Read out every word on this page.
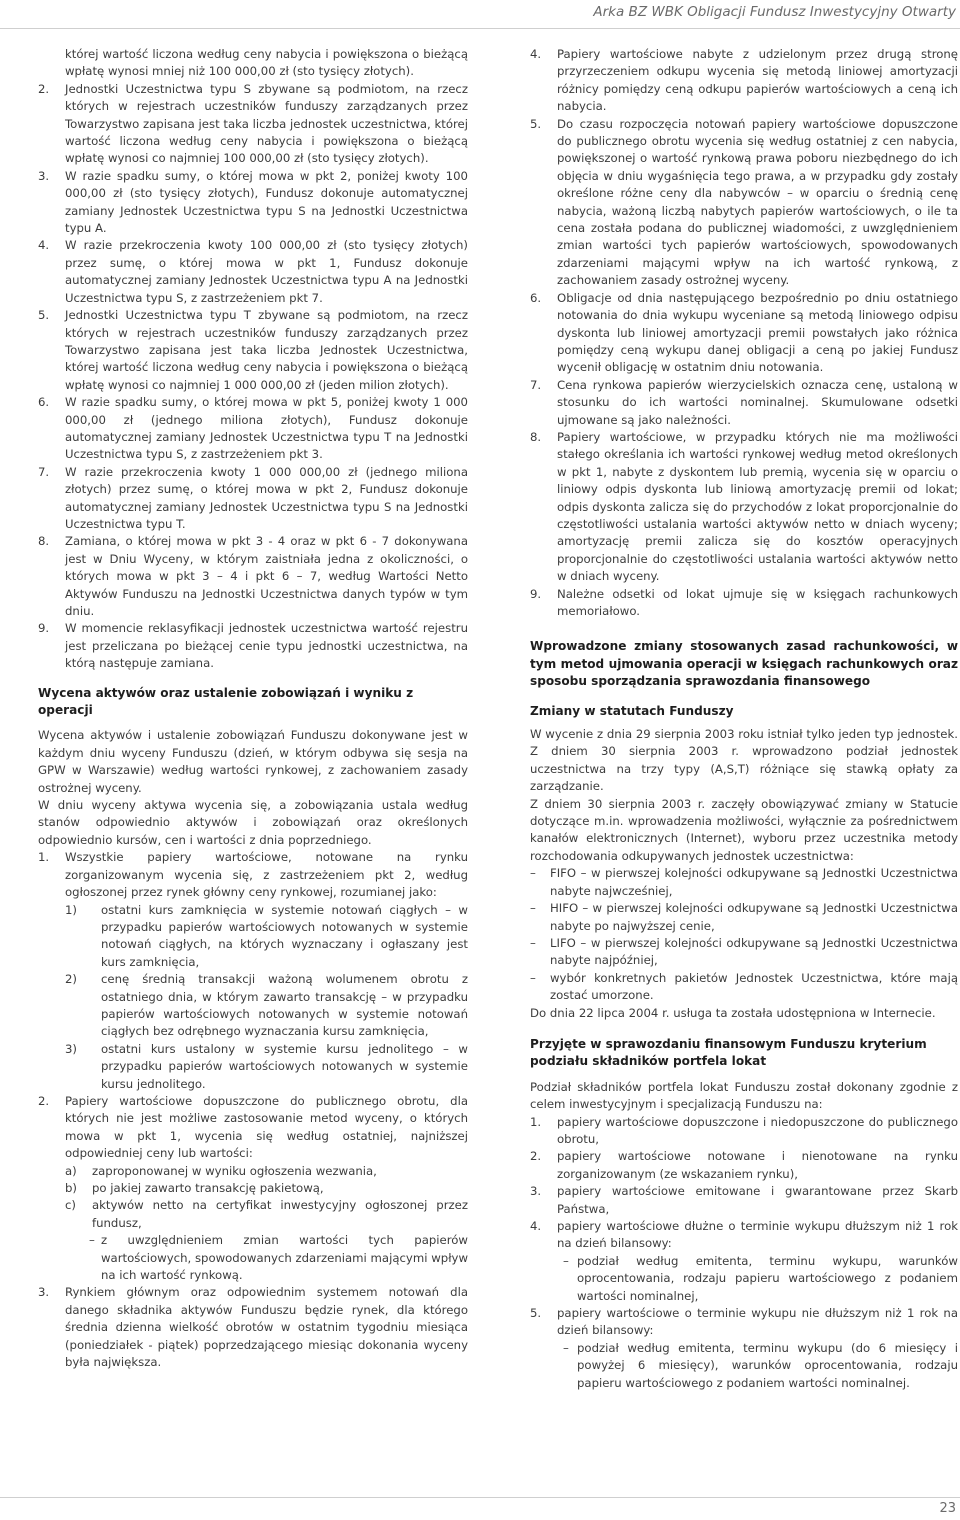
Arka BZ WBK Obligacji Fundusz Inwestycyjny Otwarty

której wartość liczona według ceny nabycia i powiększona o bieżącą wpłatę wynosi mniej niż 100 000,00 zł (sto tysięcy złotych).

2. Jednostki Uczestnictwa typu S zbywane są podmiotom, na rzecz których w rejestrach uczestników funduszy zarządzanych przez Towarzystwo zapisana jest taka liczba jednostek uczestnictwa, której wartość liczona według ceny nabycia i powiększona o bieżącą wpłatę wynosi co najmniej 100 000,00 zł (sto tysięcy złotych).
3. W razie spadku sumy, o której mowa w pkt 2, poniżej kwoty 100 000,00 zł (sto tysięcy złotych), Fundusz dokonuje automatycznej zamiany Jednostek Uczestnictwa typu S na Jednostki Uczestnictwa typu A.
4. W razie przekroczenia kwoty 100 000,00 zł (sto tysięcy złotych) przez sumę, o której mowa w pkt 1, Fundusz dokonuje automatycznej zamiany Jednostek Uczestnictwa typu A na Jednostki Uczestnictwa typu S, z zastrzeżeniem pkt 7.
5. Jednostki Uczestnictwa typu T zbywane są podmiotom, na rzecz których w rejestrach uczestników funduszy zarządzanych przez Towarzystwo zapisana jest taka liczba Jednostek Uczestnictwa, której wartość liczona według ceny nabycia i powiększona o bieżącą wpłatę wynosi co najmniej 1 000 000,00 zł (jeden milion złotych).
6. W razie spadku sumy, o której mowa w pkt 5, poniżej kwoty 1 000 000,00 zł (jednego miliona złotych), Fundusz dokonuje automatycznej zamiany Jednostek Uczestnictwa typu T na Jednostki Uczestnictwa typu S, z zastrzeżeniem pkt 3.
7. W razie przekroczenia kwoty 1 000 000,00 zł (jednego miliona złotych) przez sumę, o której mowa w pkt 2, Fundusz dokonuje automatycznej zamiany Jednostek Uczestnictwa typu S na Jednostki Uczestnictwa typu T.
8. Zamiana, o której mowa w pkt 3 - 4 oraz w pkt 6 - 7 dokonywana jest w Dniu Wyceny, w którym zaistniała jedna z okoliczności, o których mowa w pkt 3 – 4 i pkt 6 – 7, według Wartości Netto Aktywów Funduszu na Jednostki Uczestnictwa danych typów w tym dniu.
9. W momencie reklasyfikacji jednostek uczestnictwa wartość rejestru jest przeliczana po bieżącej cenie typu jednostki uczestnictwa, na którą następuje zamiana.
Wycena aktywów oraz ustalenie zobowiązań i wyniku z operacji

Wycena aktywów i ustalenie zobowiązań Funduszu dokonywane jest w każdym dniu wyceny Funduszu (dzień, w którym odbywa się sesja na GPW w Warszawie) według wartości rynkowej, z zachowaniem zasady ostrożnej wyceny.

W dniu wyceny aktywa wycenia się, a zobowiązania ustala według stanów odpowiednio aktywów i zobowiązań oraz określonych odpowiednio kursów, cen i wartości z dnia poprzedniego.

1. Wszystkie papiery wartościowe, notowane na rynku zorganizowanym wycenia się, z zastrzeżeniem pkt 2, według ogłoszonej przez rynek główny ceny rynkowej, rozumianej jako:
1) ostatni kurs zamknięcia w systemie notowań ciągłych – w przypadku papierów wartościowych notowanych w systemie notowań ciągłych, na których wyznaczany i ogłaszany jest kurs zamknięcia,
2) cenę średnią transakcji ważoną wolumenem obrotu z ostatniego dnia, w którym zawarto transakcję – w przypadku papierów wartościowych notowanych w systemie notowań ciągłych bez odrębnego wyznaczania kursu zamknięcia,
3) ostatni kurs ustalony w systemie kursu jednolitego – w przypadku papierów wartościowych notowanych w systemie kursu jednolitego.
2. Papiery wartościowe dopuszczone do publicznego obrotu, dla których nie jest możliwe zastosowanie metod wyceny, o których mowa w pkt 1, wycenia się według ostatniej, najniższej odpowiedniej ceny lub wartości:
a) zaproponowanej w wyniku ogłoszenia wezwania,
b) po jakiej zawarto transakcję pakietową,
c) aktywów netto na certyfikat inwestycyjny ogłoszonej przez fundusz,
– z uwzględnieniem zmian wartości tych papierów wartościowych, spowodowanych zdarzeniami mającymi wpływ na ich wartość rynkową.
3. Rynkiem głównym oraz odpowiednim systemem notowań dla danego składnika aktywów Funduszu będzie rynek, dla którego średnia dzienna wielkość obrotów w ostatnim tygodniu miesiąca (poniedziałek - piątek) poprzedzającego miesiąc dokonania wyceny była największa.
4. Papiery wartościowe nabyte z udzielonym przez drugą stronę przyrzeczeniem odkupu wycenia się metodą liniowej amortyzacji różnicy pomiędzy ceną odkupu papierów wartościowych a ceną ich nabycia.
5. Do czasu rozpoczęcia notowań papiery wartościowe dopuszczone do publicznego obrotu wycenia się według ostatniej z cen nabycia, powiększonej o wartość rynkową prawa poboru niezbędnego do ich objęcia w dniu wygaśnięcia tego prawa, a w przypadku gdy zostały określone różne ceny dla nabywców – w oparciu o średnią cenę nabycia, ważoną liczbą nabytych papierów wartościowych, o ile ta cena została podana do publicznej wiadomości, z uwzględnieniem zmian wartości tych papierów wartościowych, spowodowanych zdarzeniami mającymi wpływ na ich wartość rynkową, z zachowaniem zasady ostrożnej wyceny.
6. Obligacje od dnia następującego bezpośrednio po dniu ostatniego notowania do dnia wykupu wyceniane są metodą liniowego odpisu dyskonta lub liniowej amortyzacji premii powstałych jako różnica pomiędzy ceną wykupu danej obligacji a ceną po jakiej Fundusz wycenił obligację w ostatnim dniu notowania.
7. Cena rynkowa papierów wierzycielskich oznacza cenę, ustaloną w stosunku do ich wartości nominalnej. Skumulowane odsetki ujmowane są jako należności.
8. Papiery wartościowe, w przypadku których nie ma możliwości stałego określania ich wartości rynkowej według metod określonych w pkt 1, nabyte z dyskontem lub premią, wycenia się w oparciu o liniowy odpis dyskonta lub liniową amortyzację premii od lokat; odpis dyskonta zalicza się do przychodów z lokat proporcjonalnie do częstotliwości ustalania wartości aktywów netto w dniach wyceny; amortyzację premii zalicza się do kosztów operacyjnych proporcjonalnie do częstotliwości ustalania wartości aktywów netto w dniach wyceny.
9. Należne odsetki od lokat ujmuje się w księgach rachunkowych memoriałowo.
Wprowadzone zmiany stosowanych zasad rachunkowości, w tym metod ujmowania operacji w księgach rachunkowych oraz sposobu sporządzania sprawozdania finansowego
Zmiany w statutach Funduszy

W wycenie z dnia 29 sierpnia 2003 roku istniał tylko jeden typ jednostek. Z dniem 30 sierpnia 2003 r. wprowadzono podział jednostek uczestnictwa na trzy typy (A,S,T) różniące się stawką opłaty za zarządzanie.

Z dniem 30 sierpnia 2003 r. zaczęły obowiązywać zmiany w Statucie dotyczące m.in. wprowadzenia możliwości, wyłącznie za pośrednictwem kanałów elektronicznych (Internet), wyboru przez uczestnika metody rozchodowania odkupywanych jednostek uczestnictwa:

– FIFO – w pierwszej kolejności odkupywane są Jednostki Uczestnictwa nabyte najwcześniej,
– HIFO – w pierwszej kolejności odkupywane są Jednostki Uczestnictwa nabyte po najwyższej cenie,
– LIFO – w pierwszej kolejności odkupywane są Jednostki Uczestnictwa nabyte najpóźniej,
– wybór konkretnych pakietów Jednostek Uczestnictwa, które mają zostać umorzone.

Do dnia 22 lipca 2004 r. usługa ta została udostępniona w Internecie.

Przyjęte w sprawozdaniu finansowym Funduszu kryterium podziału składników portfela lokat

Podział składników portfela lokat Funduszu został dokonany zgodnie z celem inwestycyjnym i specjalizacją Funduszu na:

1. papiery wartościowe dopuszczone i niedopuszczone do publicznego obrotu,
2. papiery wartościowe notowane i nienotowane na rynku zorganizowanym (ze wskazaniem rynku),
3. papiery wartościowe emitowane i gwarantowane przez Skarb Państwa,
4. papiery wartościowe dłużne o terminie wykupu dłuższym niż 1 rok na dzień bilansowy:
– podział według emitenta, terminu wykupu, warunków oprocentowania, rodzaju papieru wartościowego z podaniem wartości nominalnej,
5. papiery wartościowe o terminie wykupu nie dłuższym niż 1 rok na dzień bilansowy:
– podział według emitenta, terminu wykupu (do 6 miesięcy i powyżej 6 miesięcy), warunków oprocentowania, rodzaju papieru wartościowego z podaniem wartości nominalnej.
23
